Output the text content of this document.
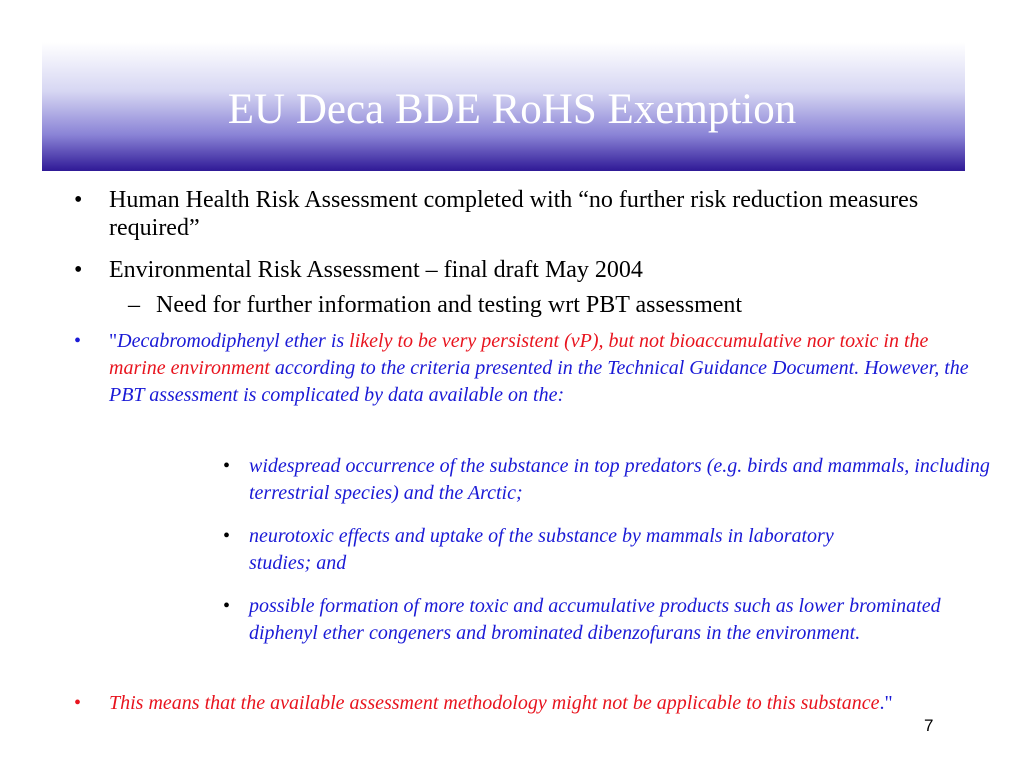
EU Deca BDE RoHS Exemption
• Human Health Risk Assessment completed with “no further risk reduction measures required”
• Environmental Risk Assessment – final draft May 2004
– Need for further information and testing wrt PBT assessment
• "Decabromodiphenyl ether is likely to be very persistent (vP), but not bioaccumulative nor toxic in the marine environment according to the criteria presented in the Technical Guidance Document. However, the PBT assessment is complicated by data available on the:
• widespread occurrence of the substance in top predators (e.g. birds and mammals, including terrestrial species) and the Arctic;
• neurotoxic effects and uptake of the substance by mammals in laboratory studies; and
• possible formation of more toxic and accumulative products such as lower brominated diphenyl ether congeners and brominated dibenzofurans in the environment.
• This means that the available assessment methodology might not be applicable to this substance."
7
